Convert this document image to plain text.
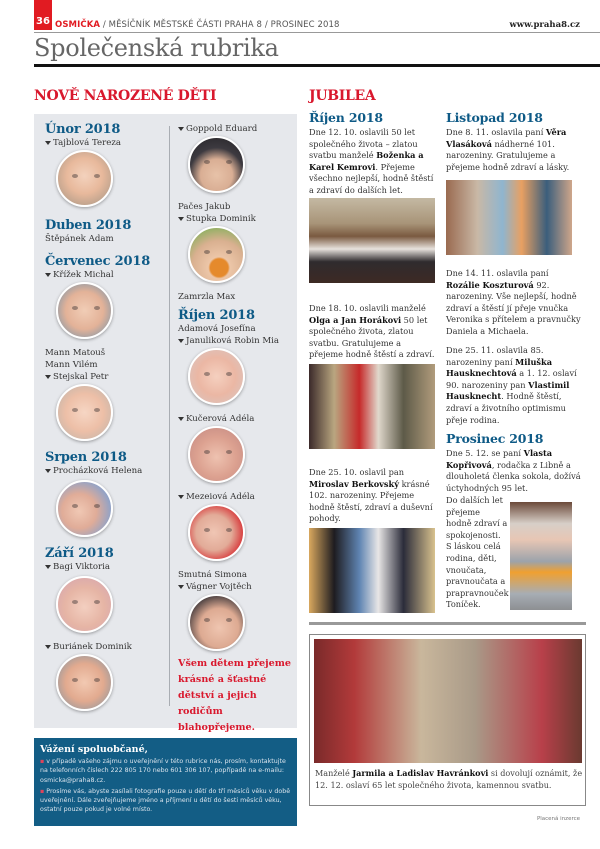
36 OSMIČKA / MĚSÍČNÍK MĚSTSKÉ ČÁSTI PRAHA 8 / PROSINEC 2018	www.praha8.cz
Společenská rubrika
NOVĚ NAROZENÉ DĚTI
Únor 2018
Tajblová Tereza
Duben 2018
Štěpánek Adam
Červenec 2018
Křížek Michal
Mann Matouš
Mann Vilém
Stejskal Petr
Srpen 2018
Procházková Helena
Září 2018
Bagi Viktoria
Buriánek Dominik
Goppold Eduard
Pačes Jakub
Stupka Dominik
Zamrzla Max
Říjen 2018
Adamová Josefína
Januliková Robin Mia
Kučerová Adéla
Mezeiová Adéla
Smutná Simona
Vágner Vojtěch
Všem dětem přejeme krásné a šťastné dětství a jejich rodičům blahopřejeme.
Vážení spoluobčané,
▪ v případě vašeho zájmu o uveřejnění v této rubrice nás, prosím, kontaktujte na telefonních číslech 222 805 170 nebo 601 306 107, popřípadě na e-mailu: osmicka@praha8.cz.
▪ Prosíme vás, abyste zasílali fotografie pouze u dětí do tří měsíců věku v době uveřejnění. Dále zveřejňujeme jméno a příjmení u dětí do šesti měsíců věku, ostatní pouze pokud je volné místo.
JUBILEA
Říjen 2018
Dne 12. 10. oslavili 50 let společného života – zlatou svatbu manželé Boženka a Karel Kemrovi. Přejeme všechno nejlepší, hodně štěstí a zdraví do dalších let.
Dne 18. 10. oslavili manželé Olga a Jan Horákovi 50 let společného života, zlatou svatbu. Gratulujeme a přejeme hodně štěstí a zdraví.
Dne 25. 10. oslavil pan Miroslav Berkovský krásné 102. narozeniny. Přejeme hodně štěstí, zdraví a duševní pohody.
Listopad 2018
Dne 8. 11. oslavila paní Věra Vlasáková nádherné 101. narozeniny. Gratulujeme a přejeme hodně zdraví a lásky.
Dne 14. 11. oslavila paní Rozálie Koszturová 92. narozeniny. Vše nejlepší, hodně zdraví a štěstí jí přeje vnučka Veronika s přítelem a pravnučky Daniela a Michaela.
Dne 25. 11. oslavila 85. narozeniny paní Miluška Hausknechtová a 1. 12. oslaví 90. narozeniny pan Vlastimil Hausknecht. Hodně štěstí, zdraví a životního optimismu přeje rodina.
Prosinec 2018
Dne 5. 12. se paní Vlasta Kopřivová, rodačka z Libně a dlouholetá členka sokola, dožívá úctyhodných 95 let.
Do dalších let přejeme hodně zdraví a spokojenosti. S láskou celá rodina, děti, vnoučata, pravnoučata a prapravnouček Toníček.
Manželé Jarmila a Ladislav Havránkovi si dovolují oznámit, že 12. 12. oslaví 65 let společného života, kamennou svatbu.
Placená inzerce
